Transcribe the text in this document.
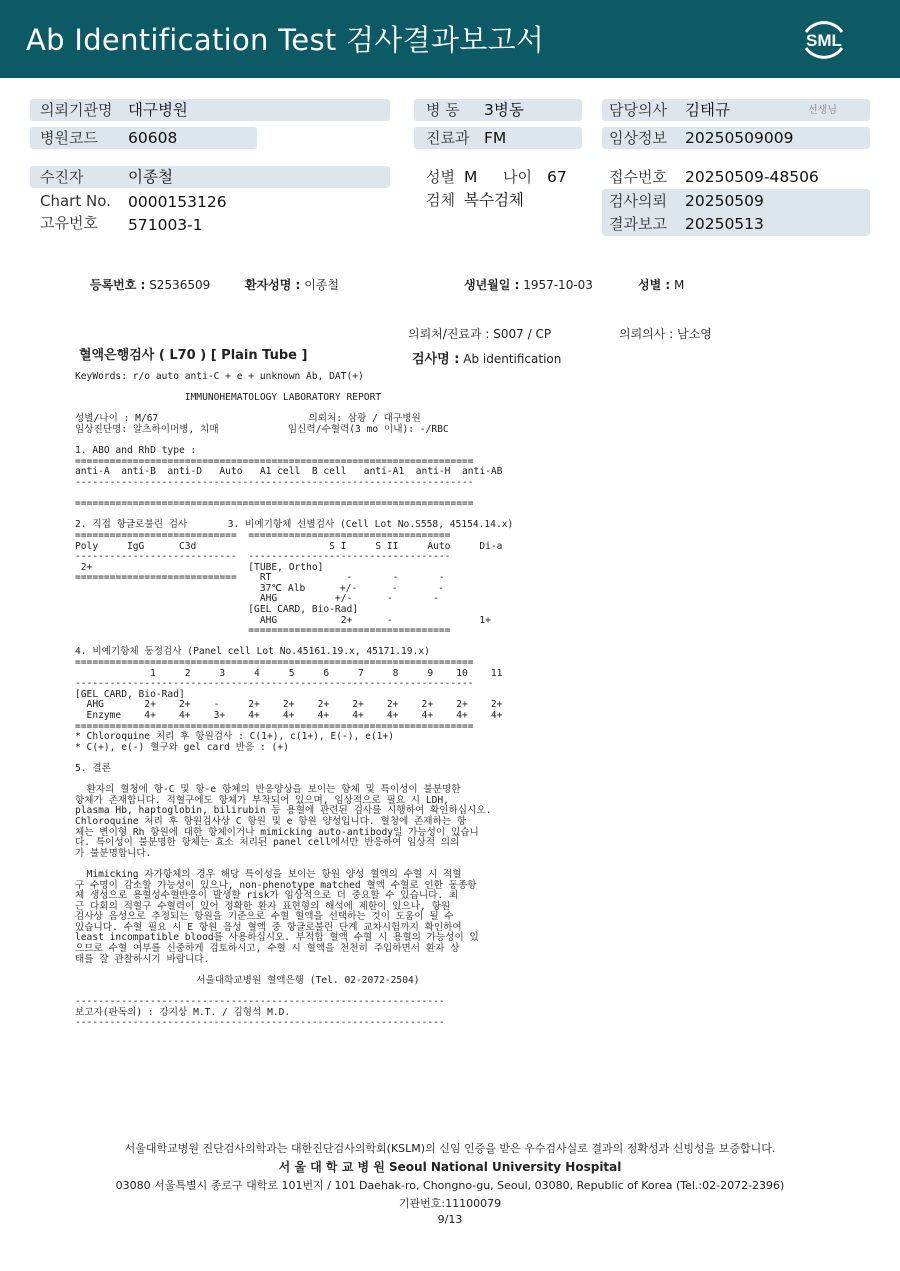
Ab Identification Test 검사결과보고서	SML
의뢰기관명 대구병원
병원코드 60608
병 동 3병동
진료과 FM
담당의사 김태규	선생님
임상정보 20250509009
수진자	이종철
Chart No. 0000153126
고유번호 571003-1
성별 M 나이 67
검체 복수검체
접수번호 20250509-48506
검사의뢰 20250509
결과보고 20250513
등록번호 : S2536509	환자성명 : 이종철	생년월일 : 1957-10-03	성별 : M
의뢰처/진료과 : S007 / CP	의뢰의사 : 남소영
혈액은행검사 ( L70 ) [ Plain Tube ]	검사명 : Ab identification
KeyWords: r/o auto anti-C + e + unknown Ab, DAT(+)

IMMUNOHEMATOLOGY LABORATORY REPORT

성별/나이 : M/67                          의뢰처: 삼광 / 대구병원
임상진단명: 알츠하이머병, 치매            임신력/수혈력(3 mo 이내): -/RBC

1. ABO and RhD type :
=====================================================================
anti-A  anti-B  anti-D   Auto   A1 cell  B cell   anti-A1  anti-H  anti-AB
---------------------------------------------------------------------

=====================================================================

2. 직접 항글로불린 검사       3. 비예기항체 선별검사 (Cell Lot No.S558, 45154.14.x)
============================  ===================================
Poly     IgG      C3d                       S I     S II     Auto     Di-a
----------------------------  -----------------------------------
2+                           [TUBE, Ortho]
============================    RT             -       -       -
37℃ Alb      +/-      -       -
AHG          +/-      -       -
[GEL CARD, Bio-Rad]
AHG           2+      -               1+
===================================

4. 비예기항체 동정검사 (Panel cell Lot No.45161.19.x, 45171.19.x)
=====================================================================
1     2     3     4     5     6     7     8     9    10    11
---------------------------------------------------------------------
[GEL CARD, Bio-Rad]
AHG       2+    2+    -     2+    2+    2+    2+    2+    2+    2+    2+
Enzyme    4+    4+    3+    4+    4+    4+    4+    4+    4+    4+    4+
=====================================================================
* Chloroquine 처리 후 항원검사 : C(1+), c(1+), E(-), e(1+)
* C(+), e(-) 혈구와 gel card 반응 : (+)

5. 결론

환자의 혈청에 항-C 및 항-e 항체의 반응양상을 보이는 항체 및 특이성이 불분명한
항체가 존재합니다. 적혈구에도 항체가 부착되어 있으며, 임상적으로 필요 시 LDH,
plasma Hb, haptoglobin, bilirubin 등 용혈에 관련된 검사를 시행하여 확인하십시오.
Chloroquine 처리 후 항원검사상 C 항원 및 e 항원 양성입니다. 혈청에 존재하는 항
체는 변이형 Rh 항원에 대한 항체이거나 mimicking auto-antibody일 가능성이 있습니
다. 특이성이 불분명한 항체는 효소 처리된 panel cell에서만 반응하여 임상적 의의
가 불분명합니다.

Mimicking 자가항체의 경우 해당 특이성을 보이는 항원 양성 혈액의 수혈 시 적혈
구 수명이 감소할 가능성이 있으나, non-phenotype matched 혈액 수혈로 인한 동종항
체 생성으로 용혈성수혈반응이 발생할 risk가 임상적으로 더 중요할 수 있습니다. 최
근 다회의 적혈구 수혈력이 있어 정확한 환자 표현형의 해석에 제한이 있으나, 항원
검사상 음성으로 추정되는 항원을 기준으로 수혈 혈액을 선택하는 것이 도움이 될 수
있습니다. 수혈 필요 시 E 항원 음성 혈액 중 항글로불린 단계 교차시험까지 확인하여
least incompatible blood를 사용하십시오. 부적합 혈액 수혈 시 용혈의 가능성이 있
으므로 수혈 여부를 신중하게 검토하시고, 수혈 시 혈액을 천천히 주입하면서 환자 상
태를 잘 관찰하시기 바랍니다.

서울대학교병원 혈액은행 (Tel. 02-2072-2504)

----------------------------------------------------------------
보고자(판독의) : 강지상 M.T. / 김형석 M.D.
----------------------------------------------------------------
서울대학교병원 진단검사의학과는 대한진단검사의학회(KSLM)의 신임 인증을 받은 우수검사실로 결과의 정확성과 신빙성을 보증합니다.
서 울 대 학 교 병 원 Seoul National University Hospital
03080 서울특별시 종로구 대학로 101번지 / 101 Daehak-ro, Chongno-gu, Seoul, 03080, Republic of Korea (Tel.:02-2072-2396)
기관번호:11100079
9/13
